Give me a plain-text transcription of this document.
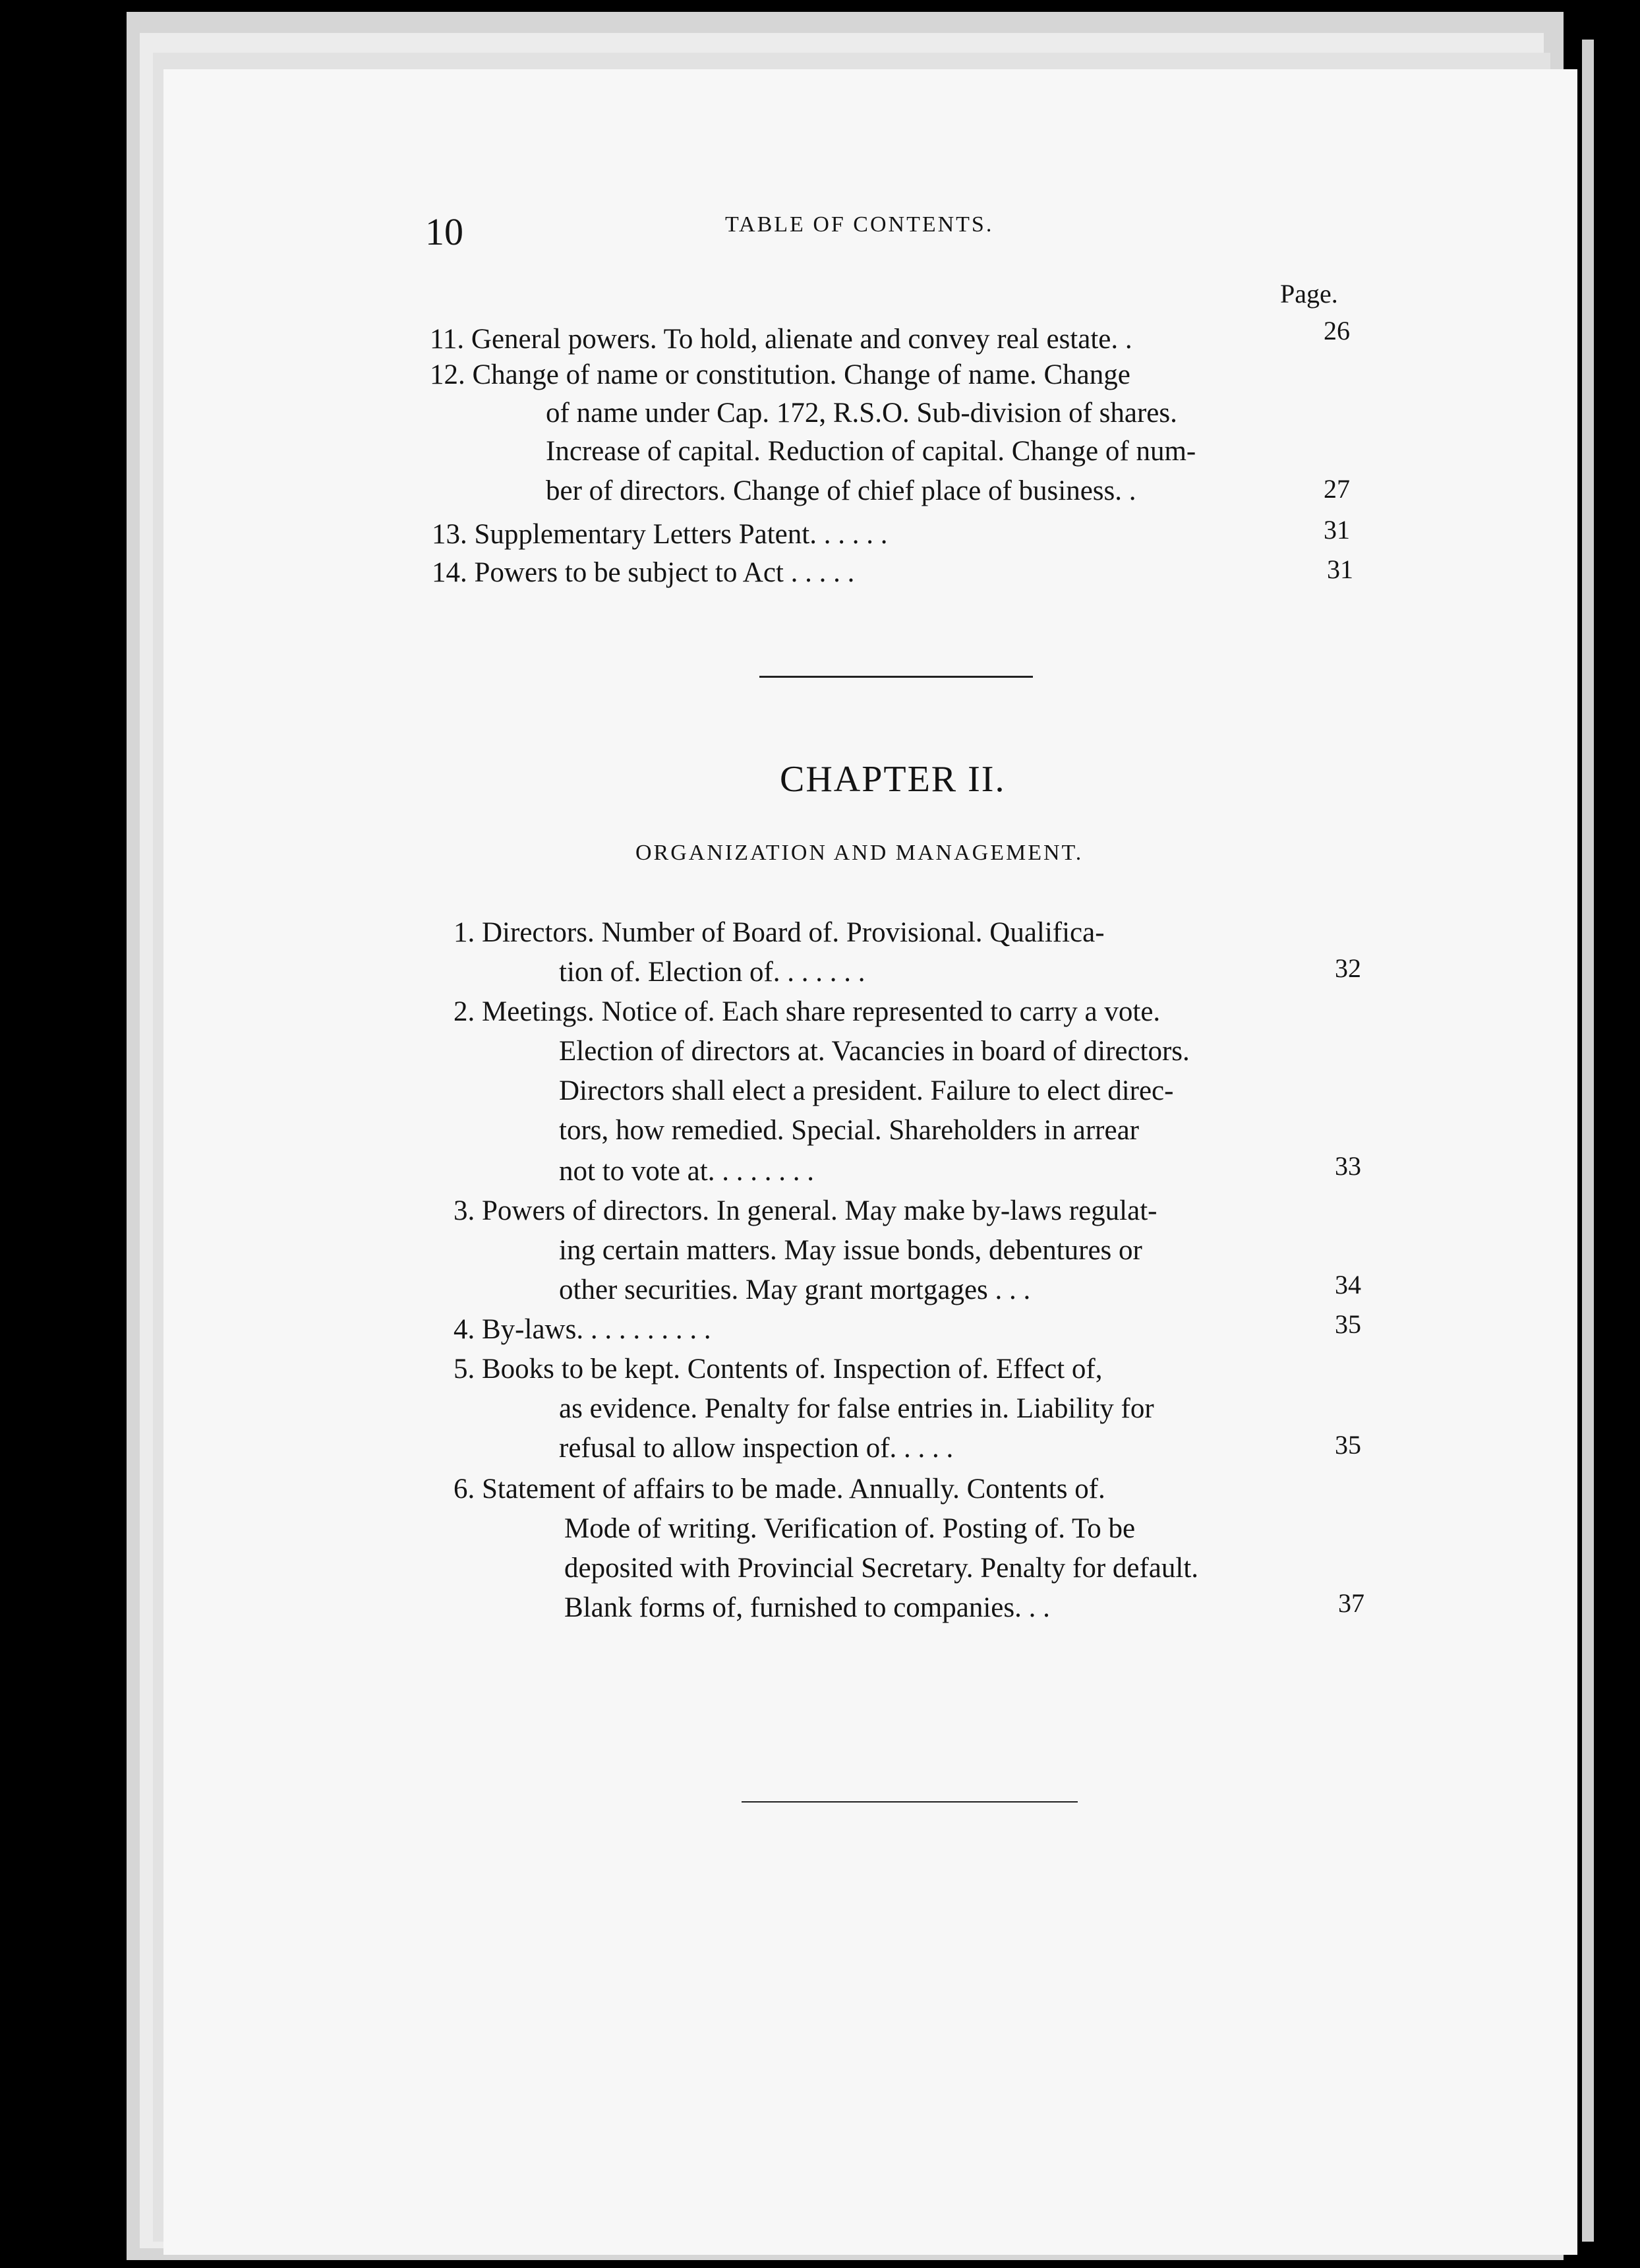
10	TABLE OF CONTENTS.
Page.
11. General powers. To hold, alienate and convey real estate. .	26
12. Change of name or constitution. Change of name. Change
of name under Cap. 172, R.S.O. Sub-division of shares.
Increase of capital. Reduction of capital. Change of num-
ber of directors. Change of chief place of business. .	27
13. Supplementary Letters Patent. . . . . .	31
14. Powers to be subject to Act . . . . .	31
CHAPTER II.
ORGANIZATION AND MANAGEMENT.
1. Directors. Number of Board of. Provisional. Qualifica-
tion of. Election of. . . . . . .	32
2. Meetings. Notice of. Each share represented to carry a vote.
Election of directors at. Vacancies in board of directors.
Directors shall elect a president. Failure to elect direc-
tors, how remedied. Special. Shareholders in arrear
not to vote at. . . . . . . .	33
3. Powers of directors. In general. May make by-laws regulat-
ing certain matters. May issue bonds, debentures or
other securities. May grant mortgages . . .	34
4. By-laws. . . . . . . . . .	35
5. Books to be kept. Contents of. Inspection of. Effect of,
as evidence. Penalty for false entries in. Liability for
refusal to allow inspection of. . . . .	35
6. Statement of affairs to be made. Annually. Contents of.
Mode of writing. Verification of. Posting of. To be
deposited with Provincial Secretary. Penalty for default.
Blank forms of, furnished to companies. . .	37
